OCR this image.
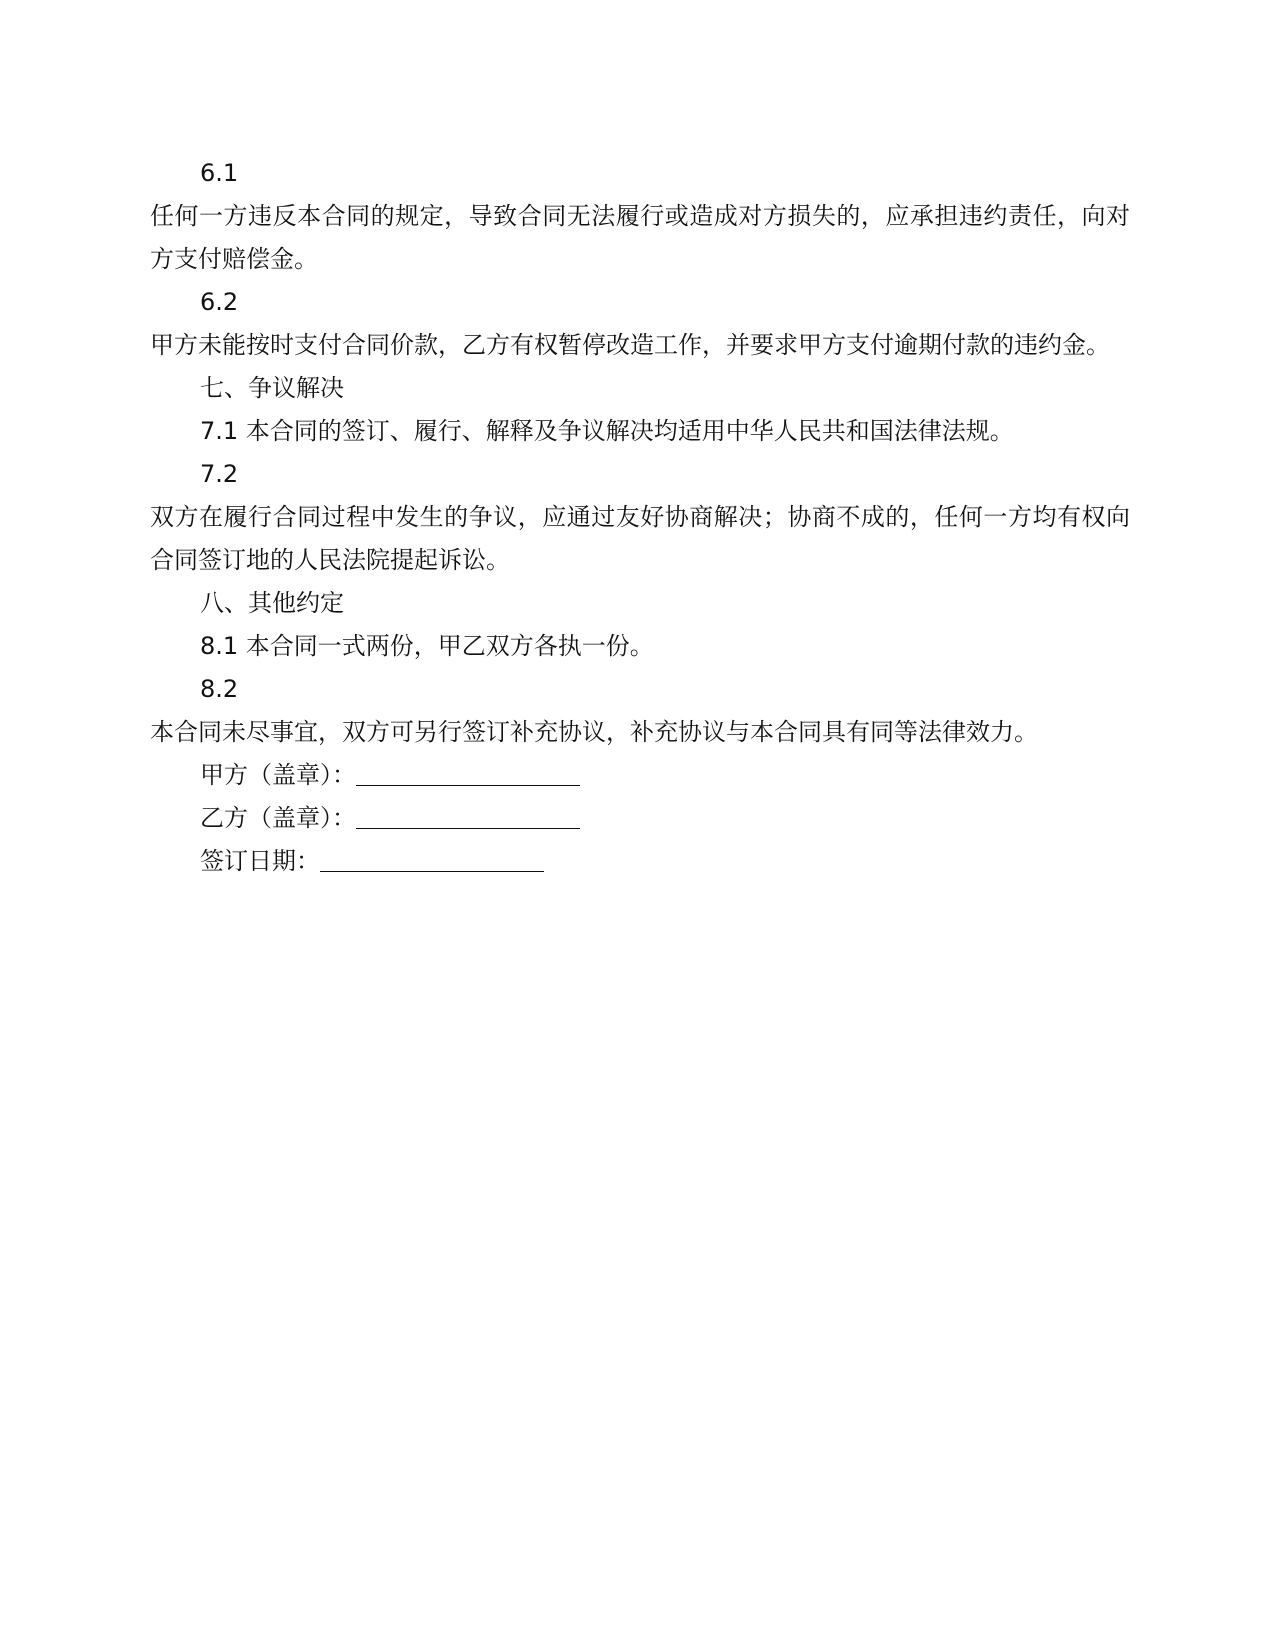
6.1
任何一方违反本合同的规定，导致合同无法履行或造成对方损失的，应承担违约责任，向对方支付赔偿金。
6.2
甲方未能按时支付合同价款，乙方有权暂停改造工作，并要求甲方支付逾期付款的违约金。
七、争议解决
7.1 本合同的签订、履行、解释及争议解决均适用中华人民共和国法律法规。
7.2
双方在履行合同过程中发生的争议，应通过友好协商解决；协商不成的，任何一方均有权向合同签订地的人民法院提起诉讼。
八、其他约定
8.1 本合同一式两份，甲乙双方各执一份。
8.2
本合同未尽事宜，双方可另行签订补充协议，补充协议与本合同具有同等法律效力。
甲方（盖章）：
乙方（盖章）：
签订日期：
